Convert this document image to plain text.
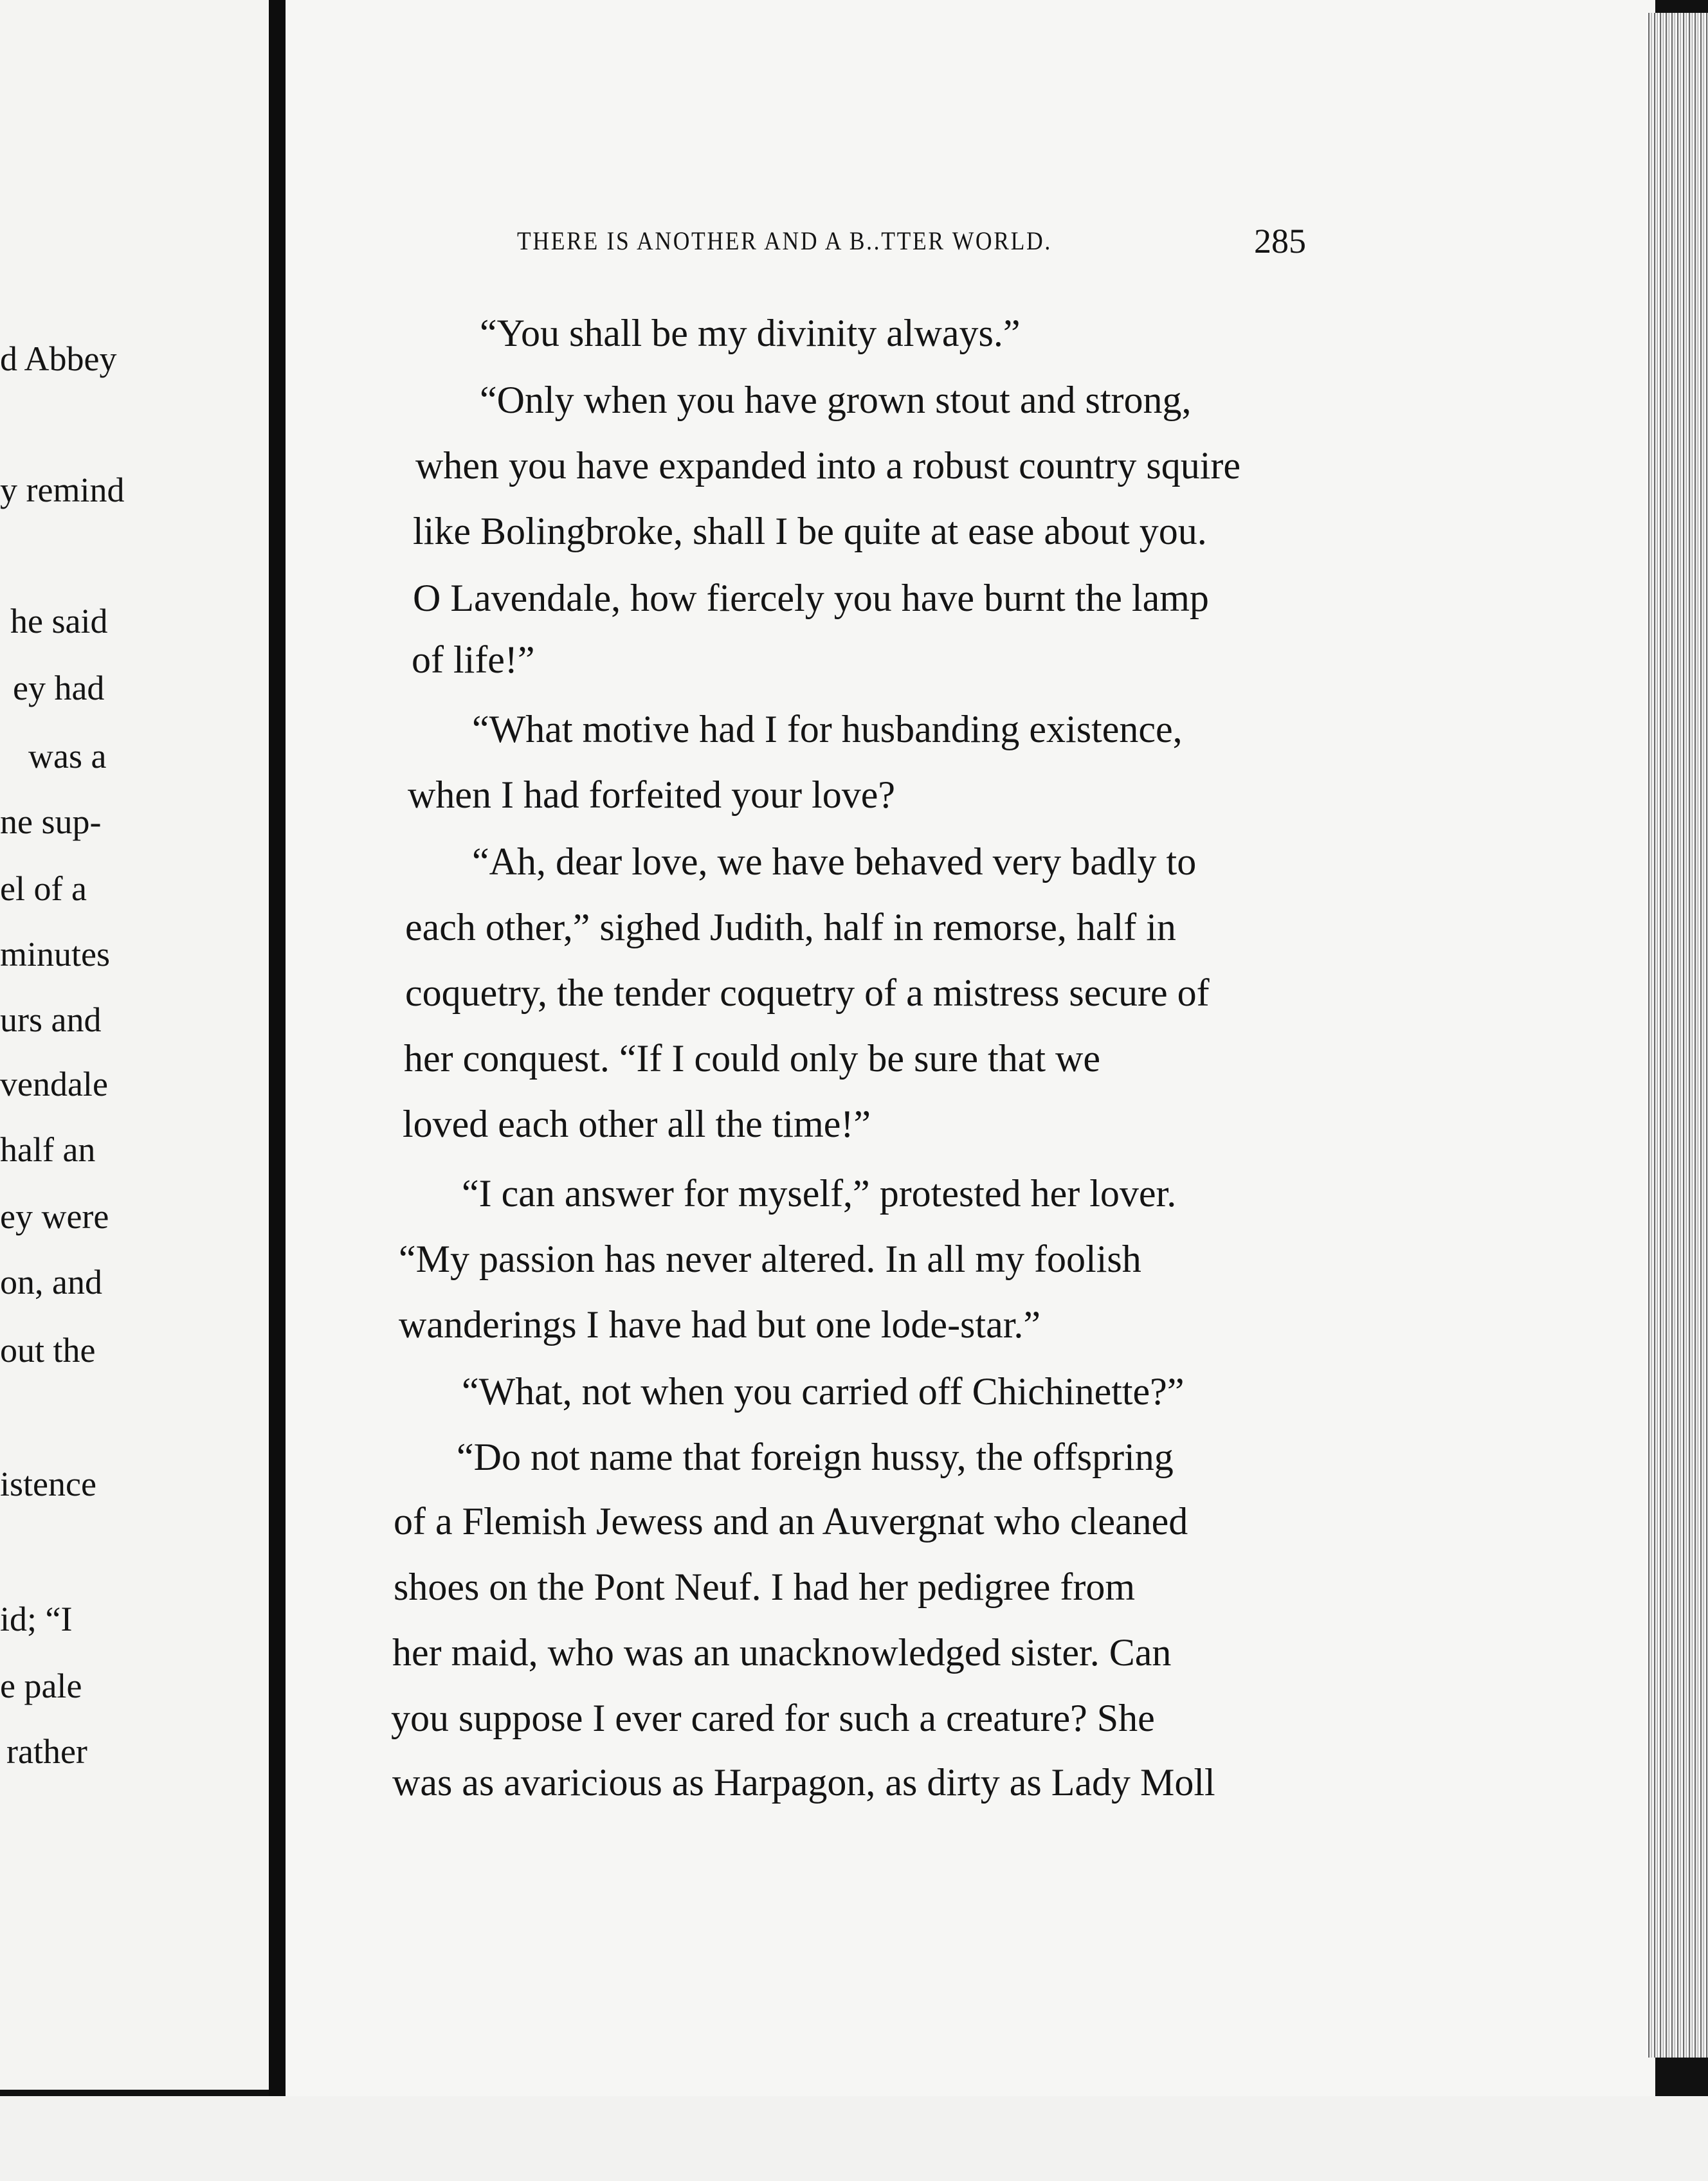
d Abbey
y remind
he said
ey had
was a
ne sup-
el of a
minutes
urs and
vendale
half an
ey were
on, and
out the
istence
id; “I
e pale
rather
THERE IS ANOTHER AND A B..TTER WORLD.	285
“You shall be my divinity always.”
“Only when you have grown stout and strong,
when you have expanded into a robust country squire
like Bolingbroke, shall I be quite at ease about you.
O Lavendale, how fiercely you have burnt the lamp
of life!”
“What motive had I for husbanding existence,
when I had forfeited your love?
“Ah, dear love, we have behaved very badly to
each other,” sighed Judith, half in remorse, half in
coquetry, the tender coquetry of a mistress secure of
her conquest. “If I could only be sure that we
loved each other all the time!”
“I can answer for myself,” protested her lover.
“My passion has never altered. In all my foolish
wanderings I have had but one lode-star.”
“What, not when you carried off Chichinette?”
“Do not name that foreign hussy, the offspring
of a Flemish Jewess and an Auvergnat who cleaned
shoes on the Pont Neuf. I had her pedigree from
her maid, who was an unacknowledged sister. Can
you suppose I ever cared for such a creature? She
was as avaricious as Harpagon, as dirty as Lady Moll
